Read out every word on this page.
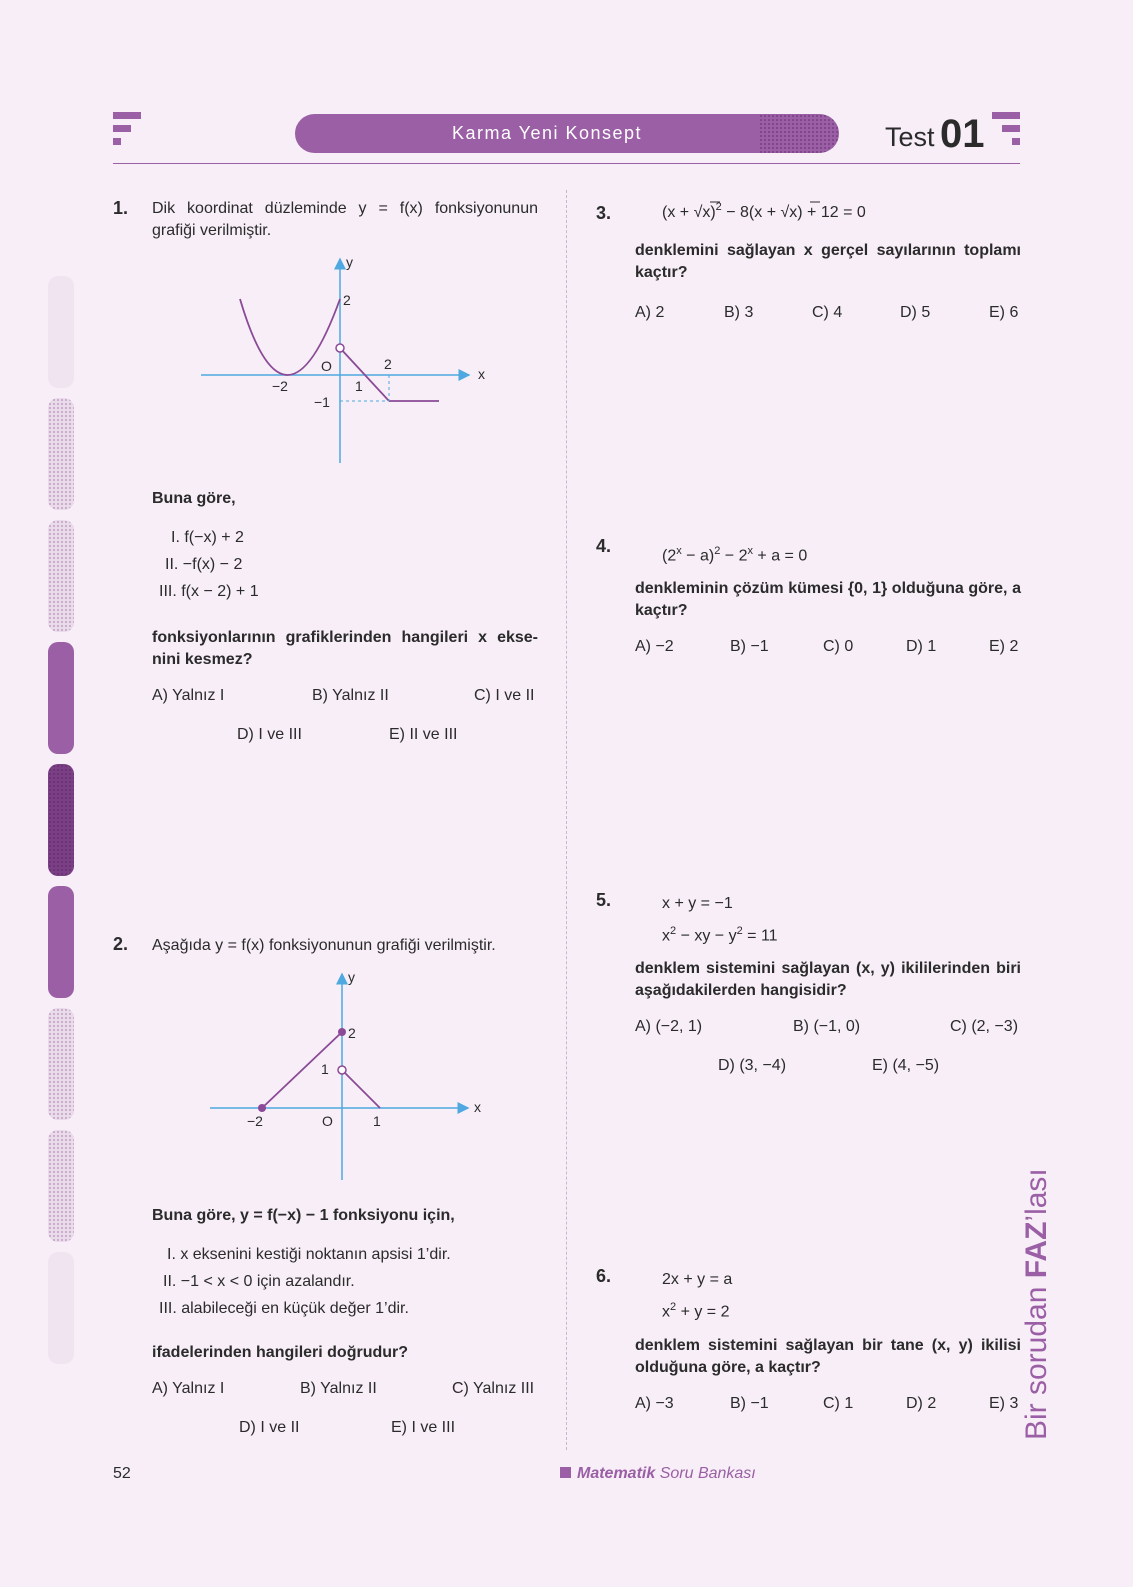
Karma Yeni Konsept	Test 01
1. Dik koordinat düzleminde y = f(x) fonksiyonunun grafiği verilmiştir.
x
y
O
−2	1
2
2
−1
Buna göre,
I. f(−x) + 2
II. −f(x) − 2
III. f(x − 2) + 1
fonksiyonlarının grafiklerinden hangileri x eksenini kesmez?
A) Yalnız I	B) Yalnız II	C) I ve II
D) I ve III	E) II ve III
2. Aşağıda y = f(x) fonksiyonunun grafiği verilmiştir.
x
y
O
−2	1
2
1
Buna göre, y = f(−x) − 1 fonksiyonu için,
I. x eksenini kestiği noktanın apsisi 1’dir.
II. −1 < x < 0 için azalandır.
III. alabileceği en küçük değer 1’dir.
ifadelerinden hangileri doğrudur?
A) Yalnız I	B) Yalnız II	C) Yalnız III
D) I ve II	E) I ve III
3.	$(x + √x)^2 - 8(x + √x) + 12 = 0$
denklemini sağlayan x gerçel sayılarının toplamı kaçtır?
A) 2	B) 3	C) 4	D) 5	E) 6
4.	$(2^x - a)^2 - 2^x + a = 0$
denkleminin çözüm kümesi {0, 1} olduğuna göre, a kaçtır?
A) −2	B) −1	C) 0	D) 1	E) 2
5.	x + y = −1
$x^2$ − xy − $y^2 = 11$
denklem sistemini sağlayan (x, y) ikililerinden biri aşağıdakilerden hangisidir?
A) (−2, 1)	B) (−1, 0)	C) (2, −3)
D) (3, −4)	E) (4, −5)
6.	2x + y = a
$x^2 + y = 2$
denklem sistemini sağlayan bir tane (x, y) ikilisi olduğuna göre, a kaçtır?
A) −3	B) −1	C) 1	D) 2	E) 3 Bir sorudan FAZ’lası
52	Matematik Soru Bankası
